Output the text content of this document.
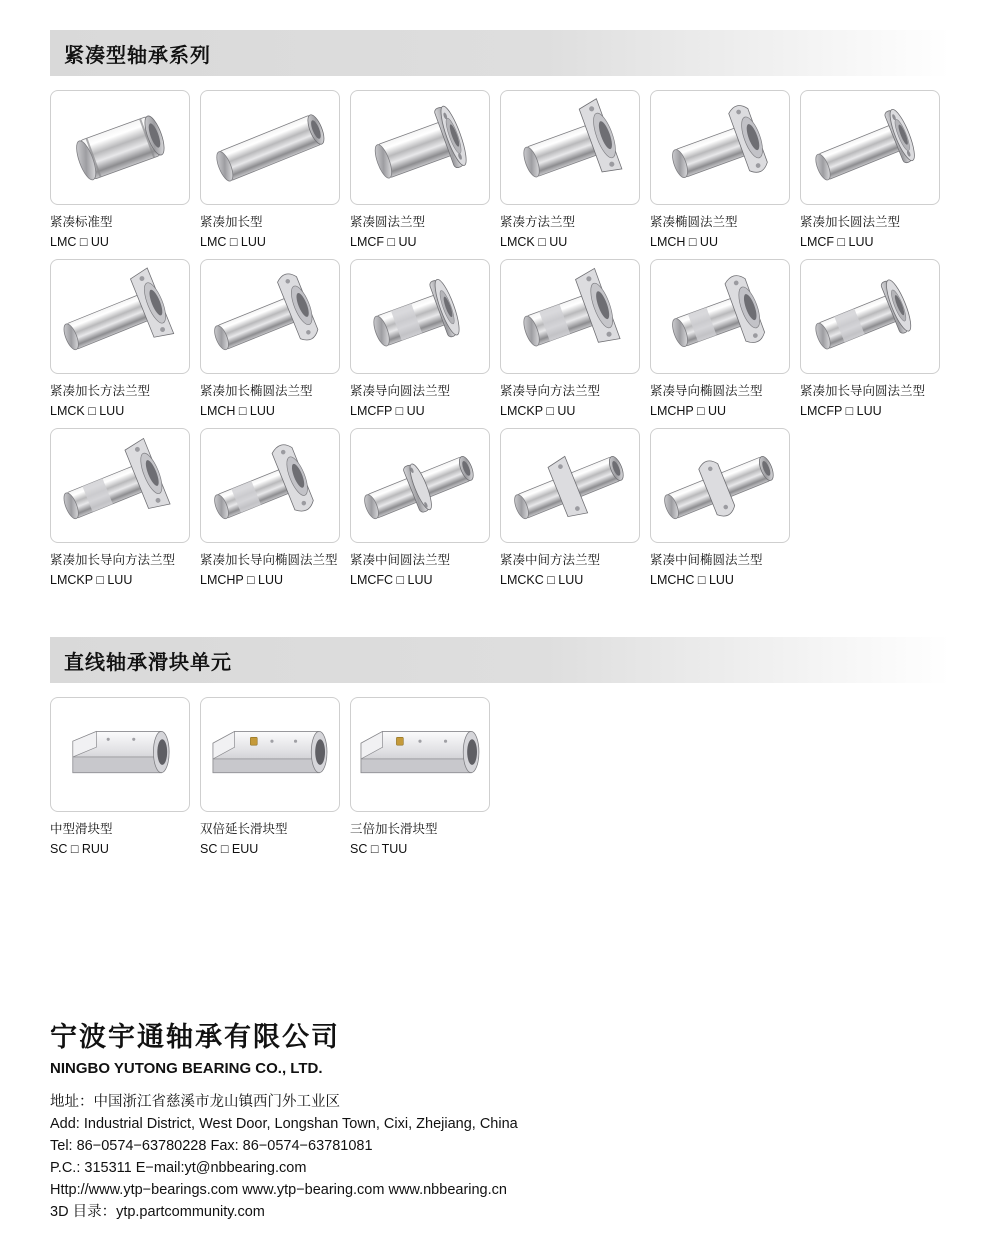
紧凑型轴承系列
紧凑标准型
LMC □ UU
紧凑加长型
LMC □ LUU
紧凑圆法兰型
LMCF □ UU
紧凑方法兰型
LMCK □ UU
紧凑椭圆法兰型
LMCH □ UU
紧凑加长圆法兰型
LMCF □ LUU
紧凑加长方法兰型
LMCK □ LUU
紧凑加长椭圆法兰型
LMCH □ LUU
紧凑导向圆法兰型
LMCFP □ UU
紧凑导向方法兰型
LMCKP □ UU
紧凑导向椭圆法兰型
LMCHP □ UU
紧凑加长导向圆法兰型
LMCFP □ LUU
紧凑加长导向方法兰型
LMCKP □ LUU
紧凑加长导向椭圆法兰型
LMCHP □ LUU
紧凑中间圆法兰型
LMCFC □ LUU
紧凑中间方法兰型
LMCKC □ LUU
紧凑中间椭圆法兰型
LMCHC □ LUU
直线轴承滑块单元
中型滑块型
SC □ RUU
双倍延长滑块型
SC □ EUU
三倍加长滑块型
SC □ TUU
宁波宇通轴承有限公司
NINGBO YUTONG BEARING CO., LTD.
地址：中国浙江省慈溪市龙山镇西门外工业区
Add: Industrial District, West Door, Longshan Town, Cixi, Zhejiang, China
Tel: 86−0574−63780228 Fax: 86−0574−63781081
P.C.: 315311 E−mail:yt@nbbearing.com
Http://www.ytp−bearings.com www.ytp−bearing.com www.nbbearing.cn
3D 目录：ytp.partcommunity.com
